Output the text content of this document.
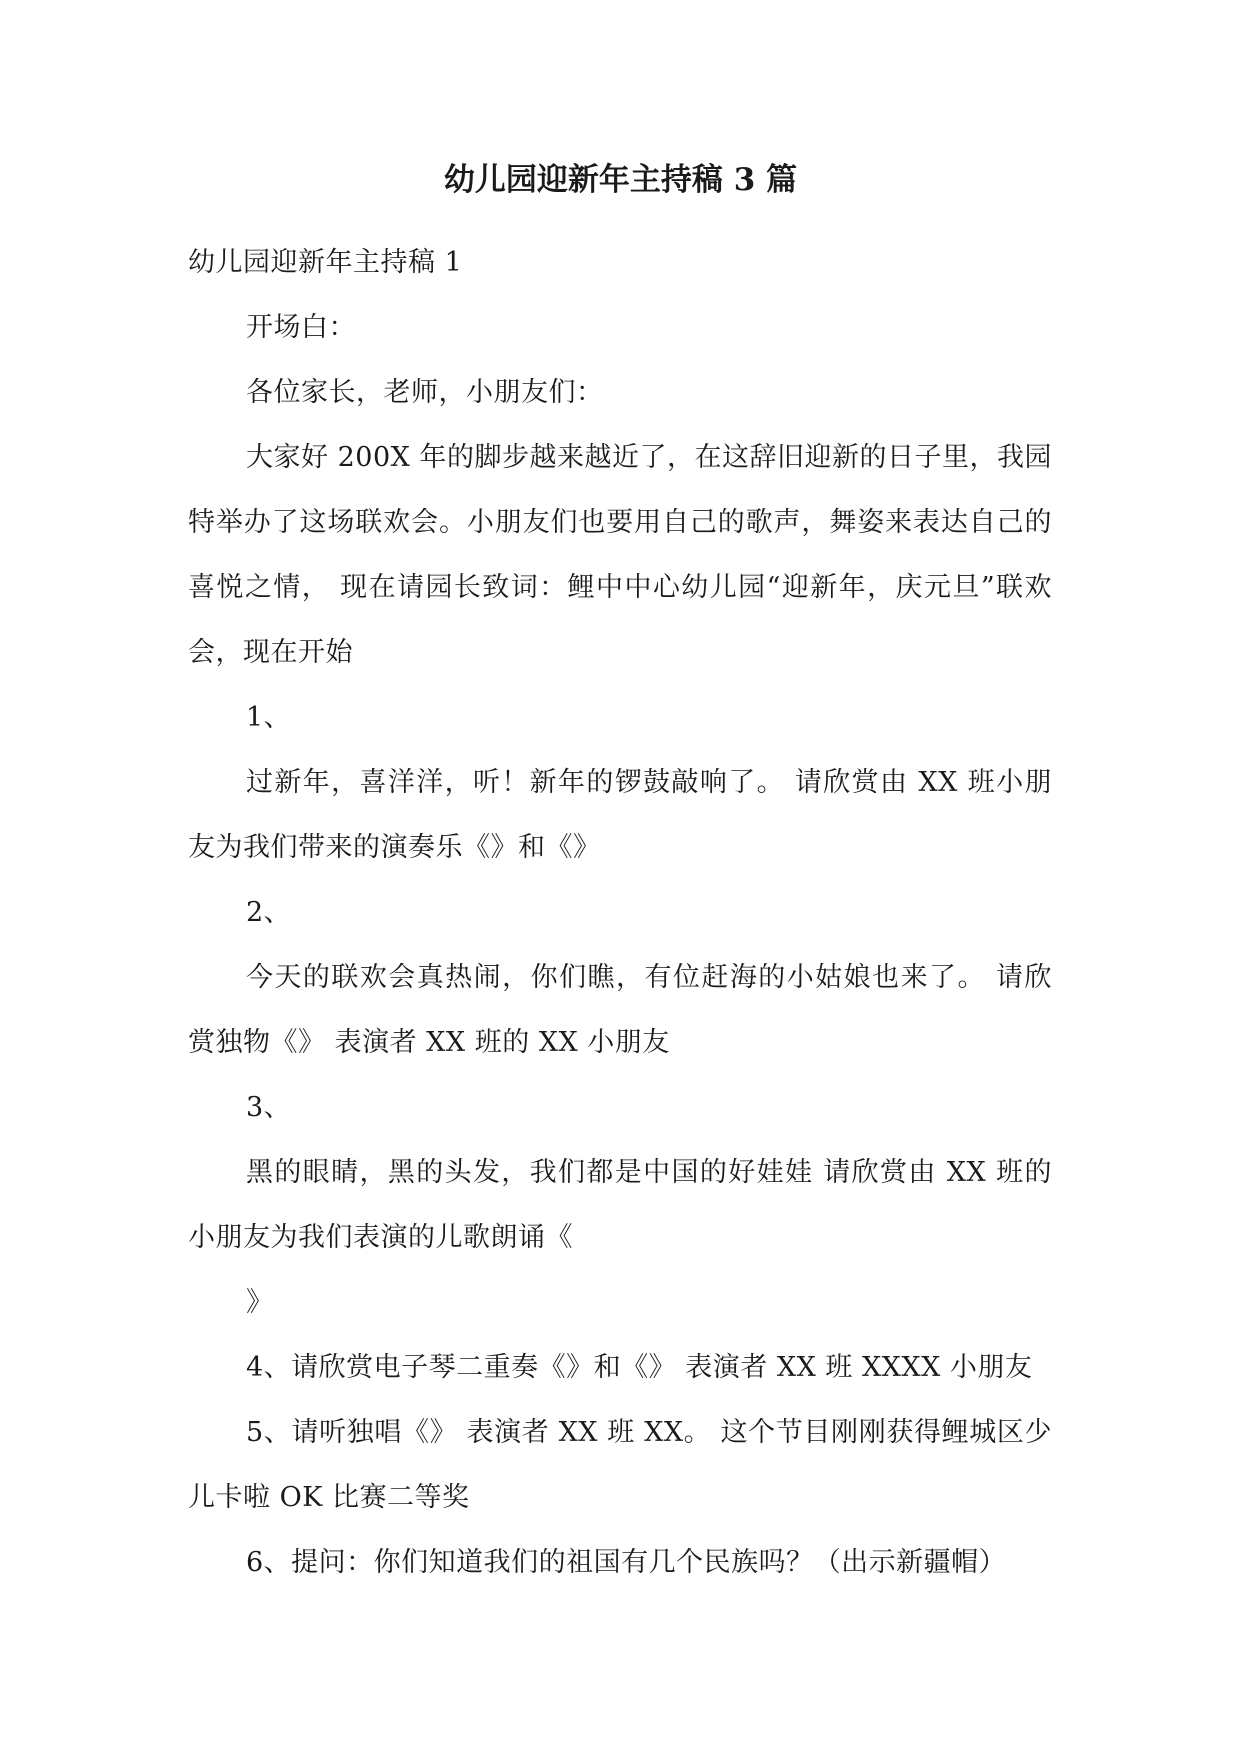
幼儿园迎新年主持稿 3 篇

幼儿园迎新年主持稿 1

开场白：

各位家长，老师，小朋友们：

大家好 200X 年的脚步越来越近了，在这辞旧迎新的日子里，我园特举办了这场联欢会。小朋友们也要用自己的歌声，舞姿来表达自己的喜悦之情， 现在请园长致词：鲤中中心幼儿园“迎新年，庆元旦”联欢会，现在开始

1、

过新年，喜洋洋，听！新年的锣鼓敲响了。 请欣赏由 XX 班小朋友为我们带来的演奏乐《》和《》

2、

今天的联欢会真热闹，你们瞧，有位赶海的小姑娘也来了。 请欣赏独物《》 表演者 XX 班的 XX 小朋友

3、

黑的眼睛，黑的头发，我们都是中国的好娃娃 请欣赏由 XX 班的小朋友为我们表演的儿歌朗诵《

》

4、请欣赏电子琴二重奏《》和《》 表演者 XX 班 XXXX 小朋友

5、请听独唱《》 表演者 XX 班 XX。 这个节目刚刚获得鲤城区少儿卡啦 OK 比赛二等奖

6、提问：你们知道我们的祖国有几个民族吗？（出示新疆帽）
